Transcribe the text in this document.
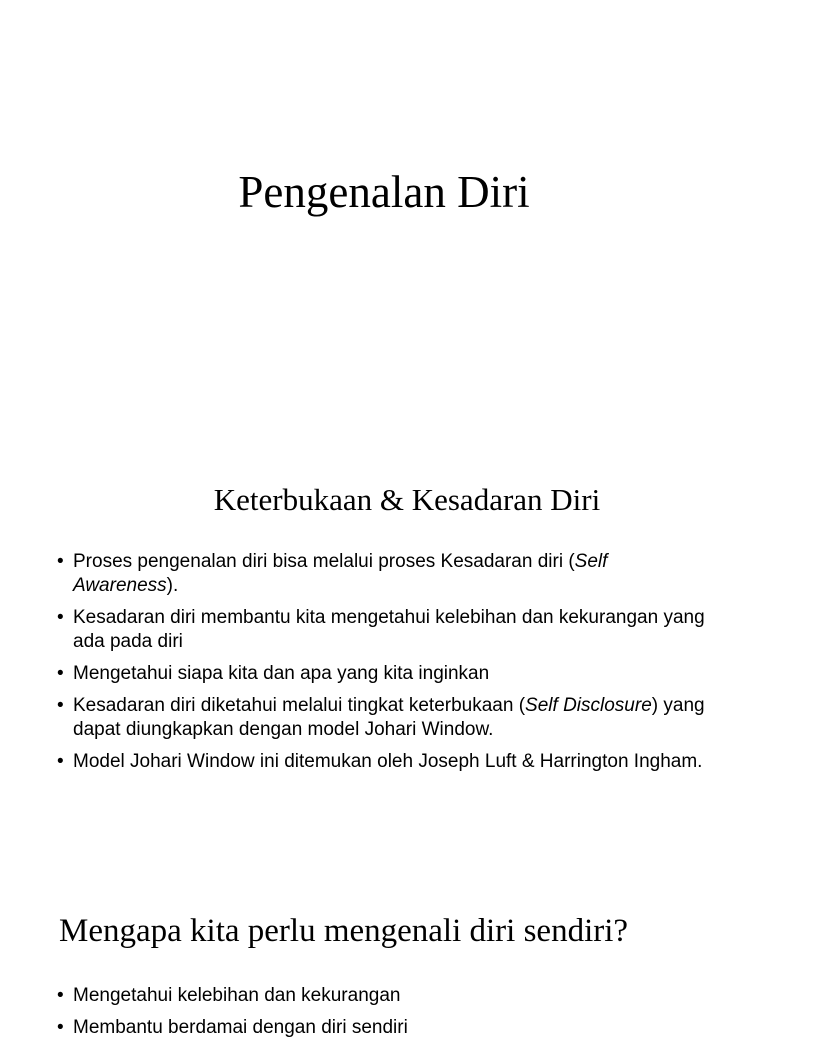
Pengenalan Diri
Keterbukaan & Kesadaran Diri
• Proses pengenalan diri bisa melalui proses Kesadaran diri (Self Awareness).
• Kesadaran diri membantu kita mengetahui kelebihan dan kekurangan yang ada pada diri
• Mengetahui siapa kita dan apa yang kita inginkan
• Kesadaran diri diketahui melalui tingkat keterbukaan (Self Disclosure) yang dapat diungkapkan dengan model Johari Window.
• Model Johari Window ini ditemukan oleh Joseph Luft & Harrington Ingham.
Mengapa kita perlu mengenali diri sendiri?
• Mengetahui kelebihan dan kekurangan
• Membantu berdamai dengan diri sendiri
